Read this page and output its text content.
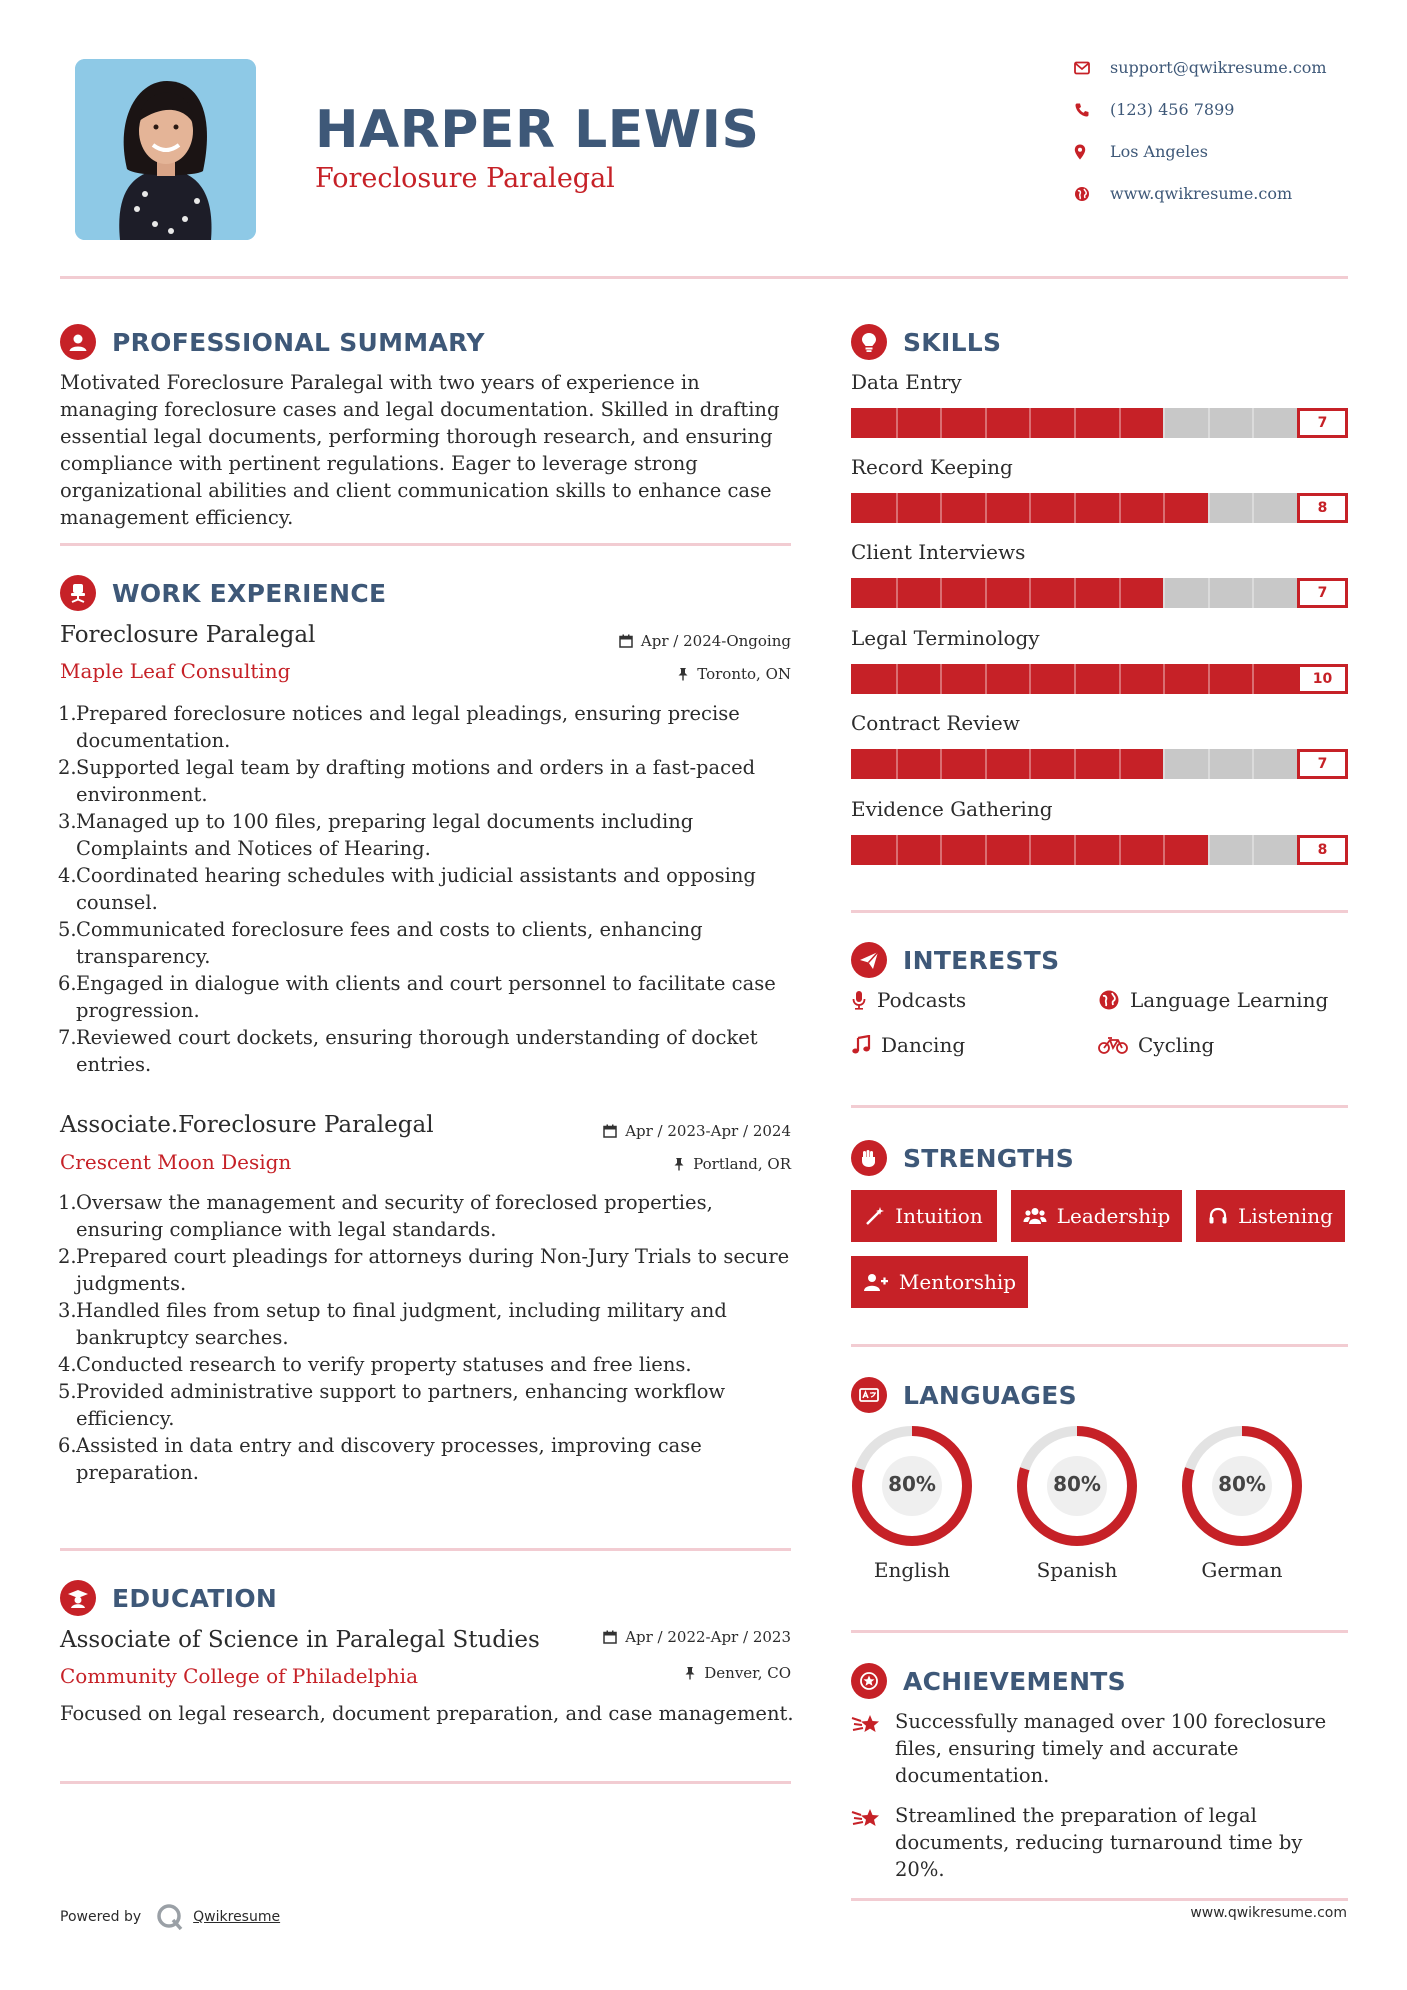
HARPER LEWIS
Foreclosure Paralegal
support@qwikresume.com
(123) 456 7899
Los Angeles
www.qwikresume.com
PROFESSIONAL SUMMARY
Motivated Foreclosure Paralegal with two years of experience in managing foreclosure cases and legal documentation. Skilled in drafting essential legal documents, performing thorough research, and ensuring compliance with pertinent regulations. Eager to leverage strong organizational abilities and client communication skills to enhance case management efficiency.
WORK EXPERIENCE
Foreclosure Paralegal
Maple Leaf Consulting
Apr / 2024-Ongoing
Toronto, ON
1. Prepared foreclosure notices and legal pleadings, ensuring precise documentation.
2. Supported legal team by drafting motions and orders in a fast-paced environment.
3. Managed up to 100 files, preparing legal documents including Complaints and Notices of Hearing.
4. Coordinated hearing schedules with judicial assistants and opposing counsel.
5. Communicated foreclosure fees and costs to clients, enhancing transparency.
6. Engaged in dialogue with clients and court personnel to facilitate case progression.
7. Reviewed court dockets, ensuring thorough understanding of docket entries.
Associate.Foreclosure Paralegal
Crescent Moon Design
Apr / 2023-Apr / 2024
Portland, OR
1. Oversaw the management and security of foreclosed properties, ensuring compliance with legal standards.
2. Prepared court pleadings for attorneys during Non-Jury Trials to secure judgments.
3. Handled files from setup to final judgment, including military and bankruptcy searches.
4. Conducted research to verify property statuses and free liens.
5. Provided administrative support to partners, enhancing workflow efficiency.
6. Assisted in data entry and discovery processes, improving case preparation.
EDUCATION
Associate of Science in Paralegal Studies
Community College of Philadelphia
Apr / 2022-Apr / 2023
Denver, CO
Focused on legal research, document preparation, and case management.
SKILLS
Data Entry
7
Record Keeping
8
Client Interviews
7
Legal Terminology
10
Contract Review
7
Evidence Gathering
8
INTERESTS
Podcasts	Language Learning
Dancing	Cycling
STRENGTHS
Intuition	Leadership	Listening
Mentorship
LANGUAGES
80%
English
80%
Spanish
80%
German
ACHIEVEMENTS
Successfully managed over 100 foreclosure files, ensuring timely and accurate documentation.
Streamlined the preparation of legal documents, reducing turnaround time by 20%.
Powered by	Qwikresume	www.qwikresume.com
